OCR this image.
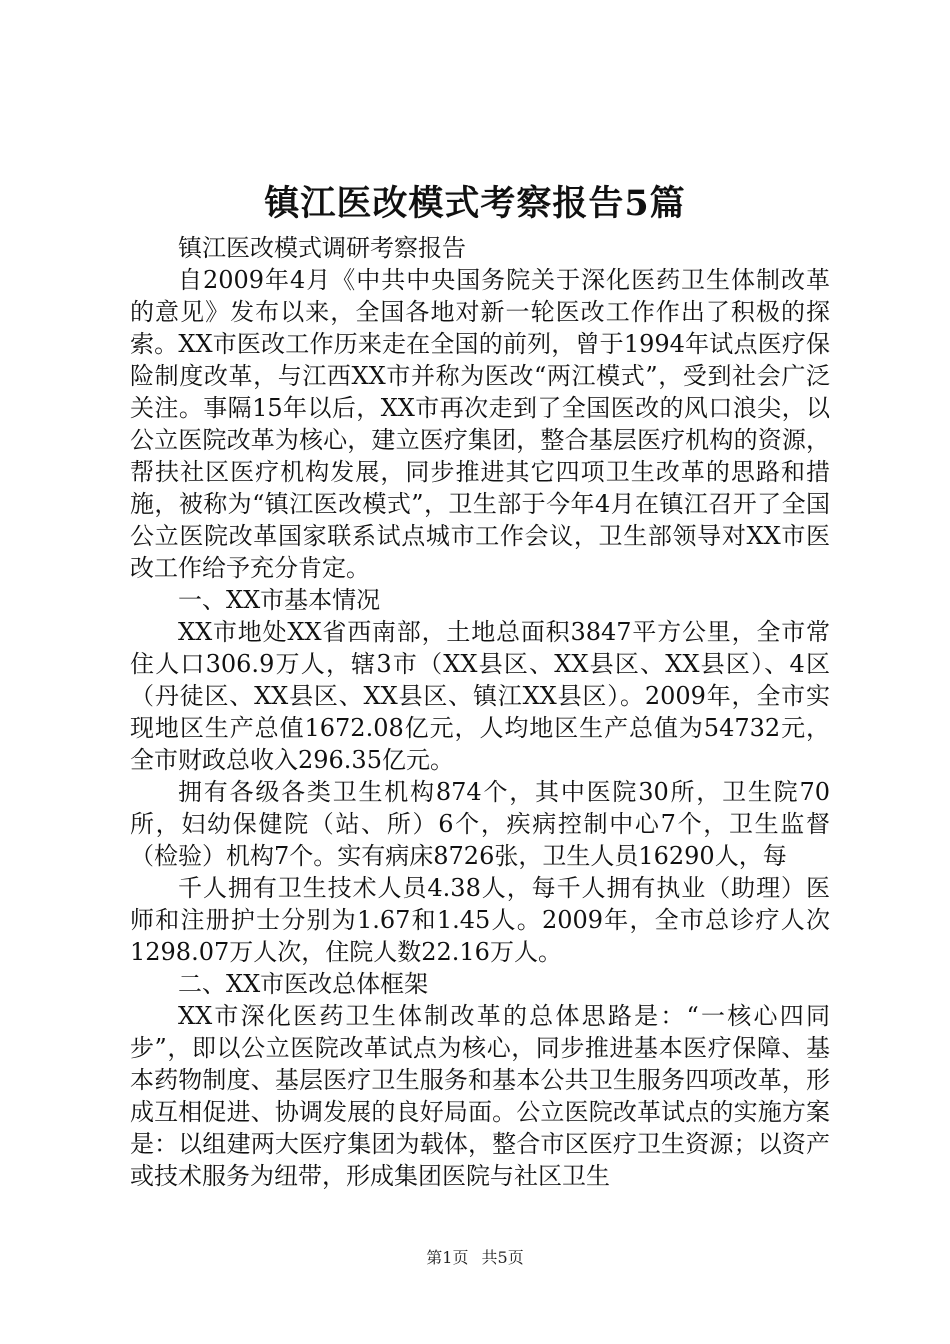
镇江医改模式考察报告5篇

镇江医改模式调研考察报告

自2009年4月《中共中央国务院关于深化医药卫生体制改革的意见》发布以来，全国各地对新一轮医改工作作出了积极的探索。XX市医改工作历来走在全国的前列，曾于1994年试点医疗保险制度改革，与江西XX市并称为医改“两江模式”，受到社会广泛关注。事隔15年以后，XX市再次走到了全国医改的风口浪尖，以公立医院改革为核心，建立医疗集团，整合基层医疗机构的资源，帮扶社区医疗机构发展，同步推进其它四项卫生改革的思路和措施，被称为“镇江医改模式”，卫生部于今年4月在镇江召开了全国公立医院改革国家联系试点城市工作会议，卫生部领导对XX市医改工作给予充分肯定。

一、XX市基本情况

XX市地处XX省西南部，土地总面积3847平方公里，全市常住人口306.9万人，辖3市（XX县区、XX县区、XX县区）、4区（丹徒区、XX县区、XX县区、镇江XX县区）。2009年，全市实现地区生产总值1672.08亿元，人均地区生产总值为54732元，全市财政总收入296.35亿元。

拥有各级各类卫生机构874个，其中医院30所，卫生院70所，妇幼保健院（站、所）6个，疾病控制中心7个，卫生监督（检验）机构7个。实有病床8726张，卫生人员16290人，每

千人拥有卫生技术人员4.38人，每千人拥有执业（助理）医师和注册护士分别为1.67和1.45人。2009年，全市总诊疗人次1298.07万人次，住院人数22.16万人。

二、XX市医改总体框架

XX市深化医药卫生体制改革的总体思路是：“一核心四同步”，即以公立医院改革试点为核心，同步推进基本医疗保障、基本药物制度、基层医疗卫生服务和基本公共卫生服务四项改革，形成互相促进、协调发展的良好局面。公立医院改革试点的实施方案是：以组建两大医疗集团为载体，整合市区医疗卫生资源；以资产或技术服务为纽带，形成集团医院与社区卫生

第1页 共5页
